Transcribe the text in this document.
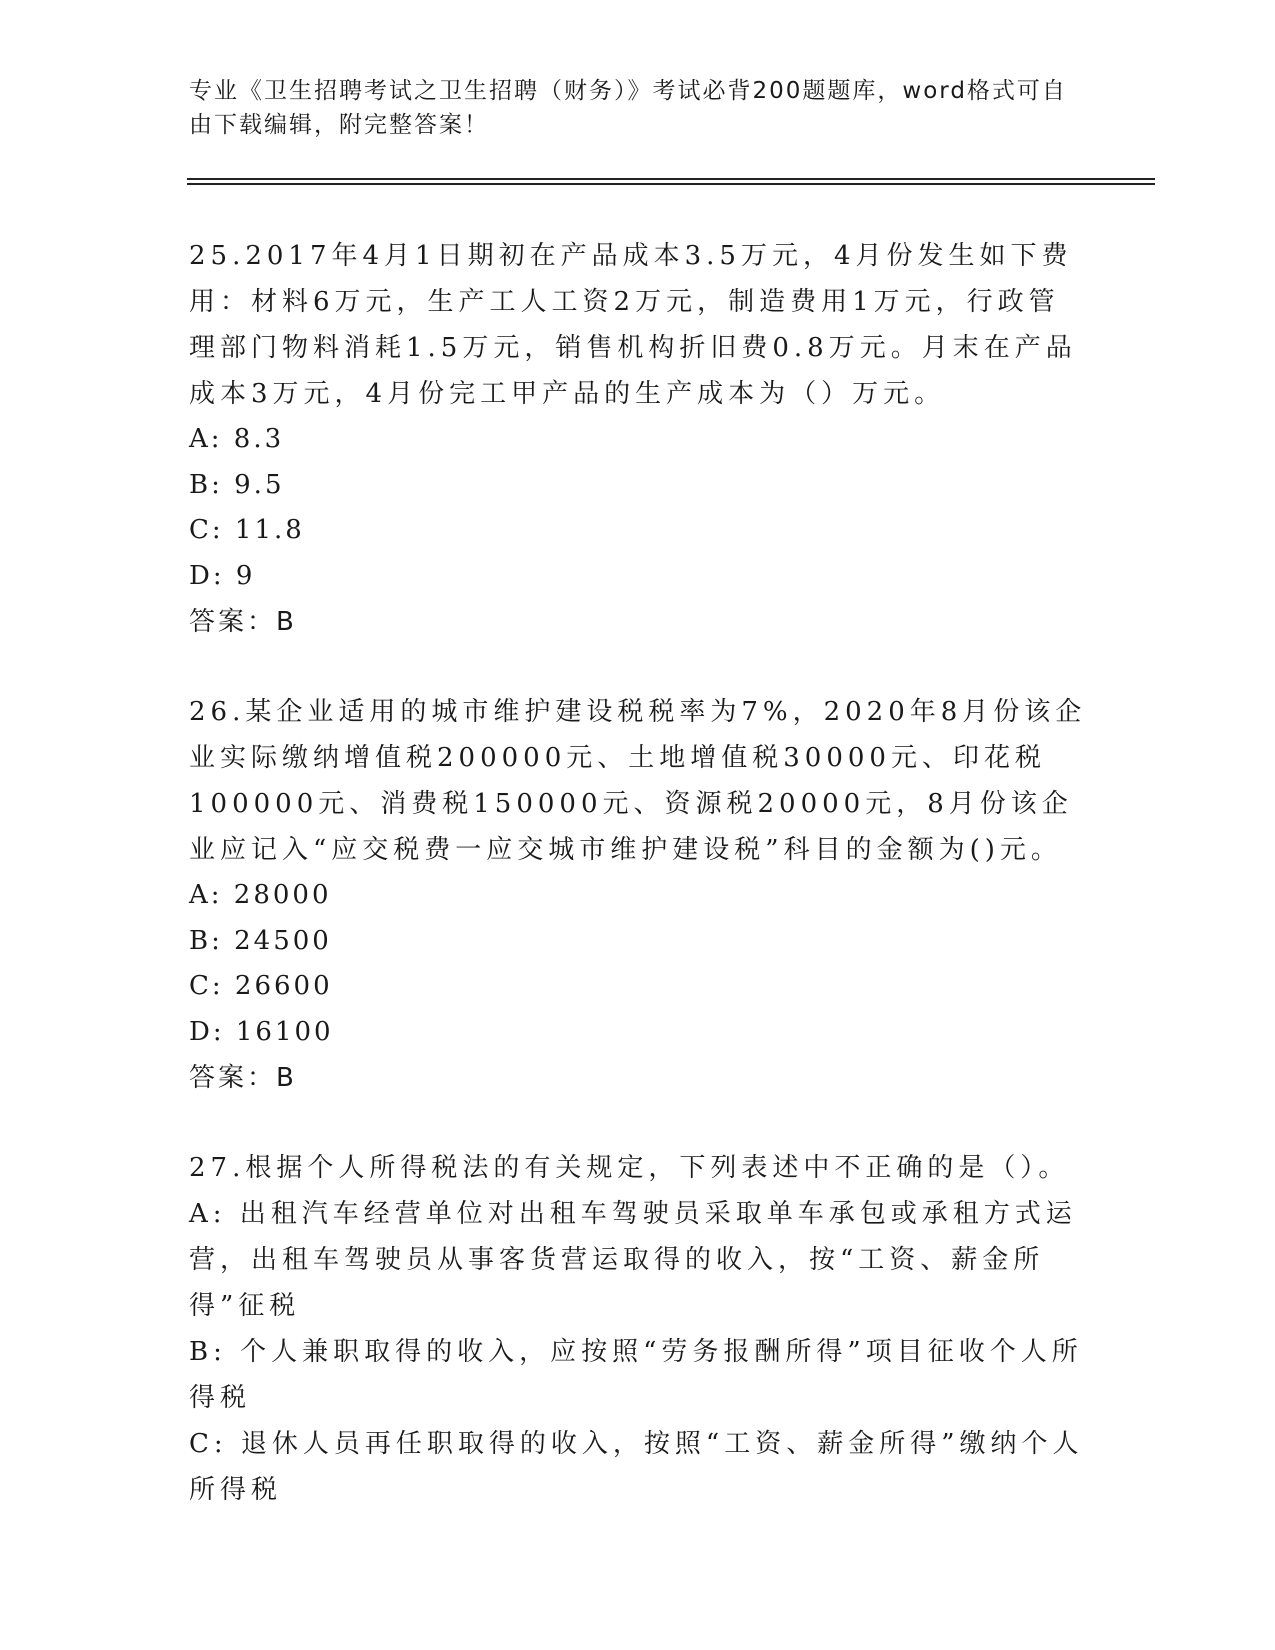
专业《卫生招聘考试之卫生招聘（财务）》考试必背200题题库，word格式可自由下载编辑，附完整答案！

25.2017年4月1日期初在产品成本3.5万元，4月份发生如下费用：材料6万元，生产工人工资2万元，制造费用1万元，行政管理部门物料消耗1.5万元，销售机构折旧费0.8万元。月末在产品成本3万元，4月份完工甲产品的生产成本为（）万元。

A: 8.3

B: 9.5

C: 11.8

D: 9

答案：B

26.某企业适用的城市维护建设税税率为7%，2020年8月份该企业实际缴纳增值税200000元、土地增值税30000元、印花税100000元、消费税150000元、资源税20000元，8月份该企业应记入“应交税费一应交城市维护建设税”科目的金额为()元。

A: 28000

B: 24500

C: 26600

D: 16100

答案：B

27.根据个人所得税法的有关规定，下列表述中不正确的是（）。

A: 出租汽车经营单位对出租车驾驶员采取单车承包或承租方式运营，出租车驾驶员从事客货营运取得的收入，按“工资、薪金所得”征税

B: 个人兼职取得的收入，应按照“劳务报酬所得”项目征收个人所得税

C: 退休人员再任职取得的收入，按照“工资、薪金所得”缴纳个人所得税
